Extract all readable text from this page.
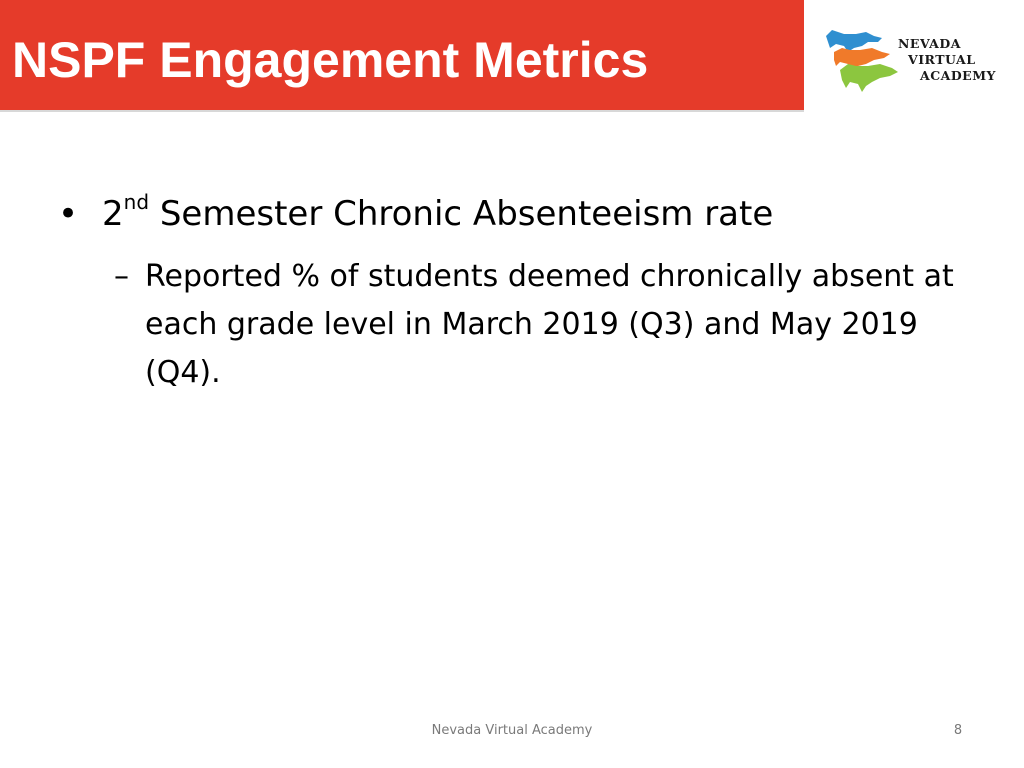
NSPF Engagement Metrics	NEVADA
VIRTUAL
ACADEMY
• 2nd Semester Chronic Absenteeism rate
– Reported % of students deemed chronically absent at each grade level in March 2019 (Q3) and May 2019 (Q4).
Nevada Virtual Academy	8
